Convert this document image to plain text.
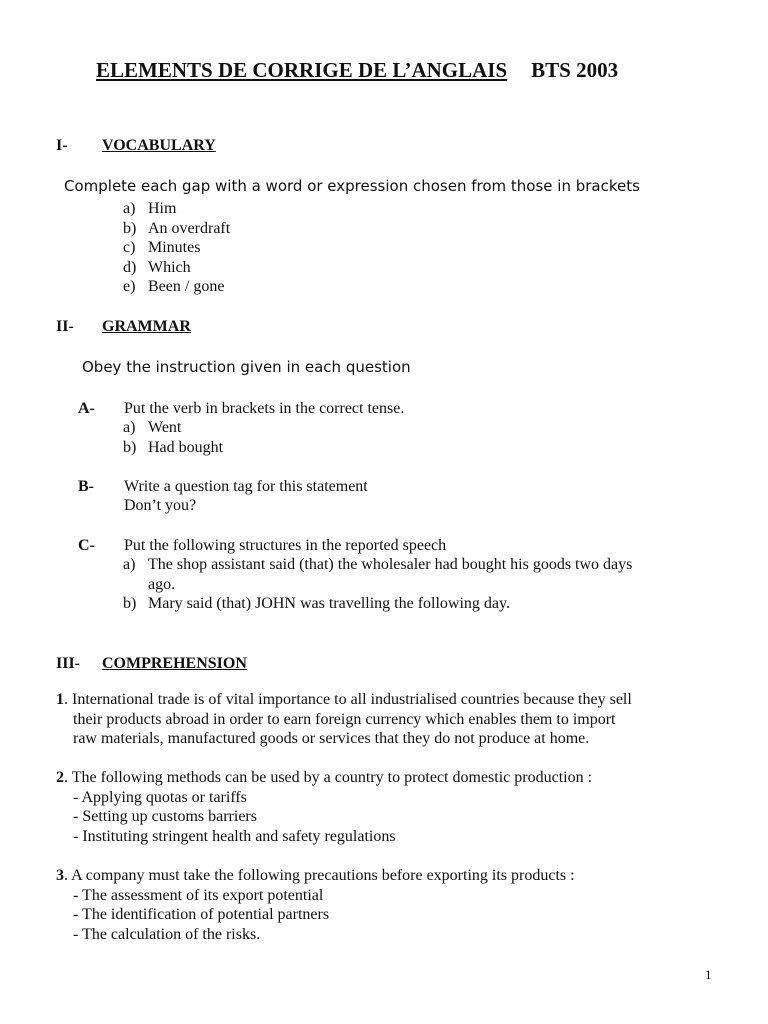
ELEMENTS DE CORRIGE DE L’ANGLAIS BTS 2003
I- VOCABULARY
Complete each gap with a word or expression chosen from those in brackets
a) Him
b) An overdraft
c) Minutes
d) Which
e) Been / gone
II- GRAMMAR
Obey the instruction given in each question
A- Put the verb in brackets in the correct tense.
a) Went
b) Had bought
B- Write a question tag for this statement
Don’t you?
C- Put the following structures in the reported speech
a) The shop assistant said (that) the wholesaler had bought his goods two days
ago.
b) Mary said (that) JOHN was travelling the following day.
III- COMPREHENSION

1. International trade is of vital importance to all industrialised countries because they sell

their products abroad in order to earn foreign currency which enables them to import

raw materials, manufactured goods or services that they do not produce at home.

2. The following methods can be used by a country to protect domestic production :

- Applying quotas or tariffs

- Setting up customs barriers

- Instituting stringent health and safety regulations

3. A company must take the following precautions before exporting its products :

- The assessment of its export potential

- The identification of potential partners

- The calculation of the risks.

1
